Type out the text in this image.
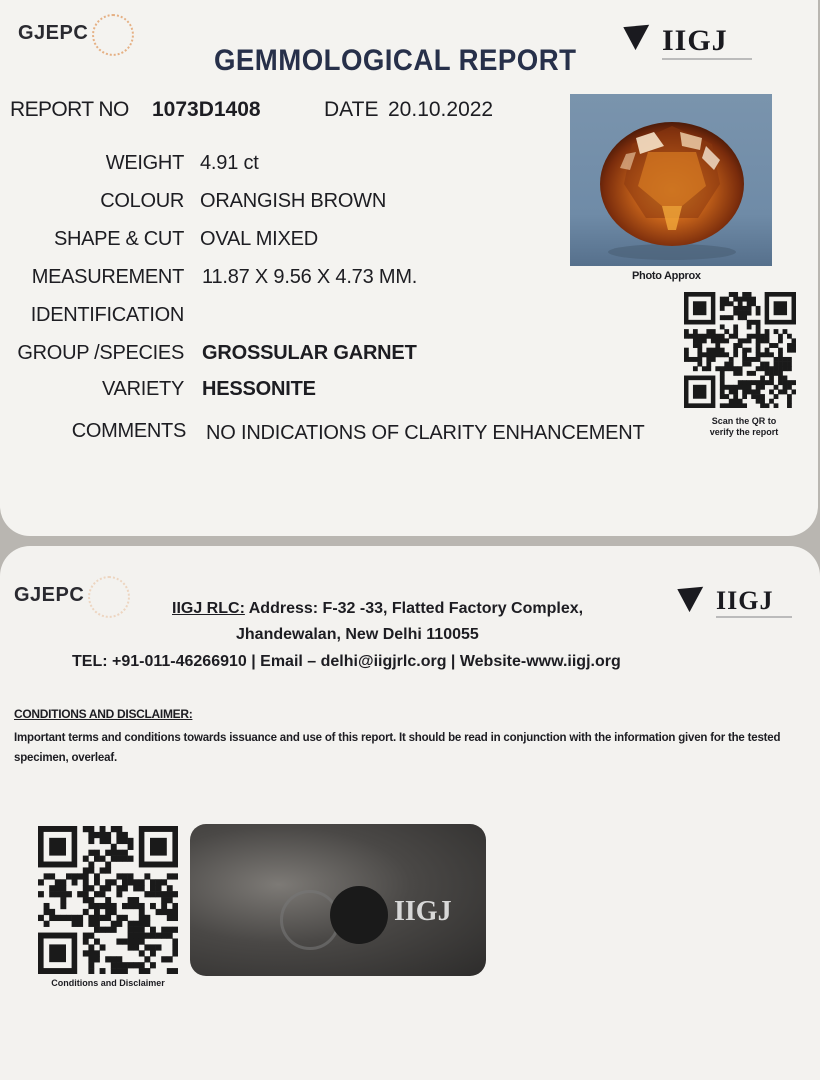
GJEPC	IIGJ
GEMMOLOGICAL REPORT
REPORT NO 1073D1408	DATE 20.10.2022
WEIGHT 4.91 ct
COLOUR ORANGISH BROWN
SHAPE & CUT OVAL MIXED
MEASUREMENT 11.87 X 9.56 X 4.73 MM.
IDENTIFICATION
GROUP /SPECIES GROSSULAR GARNET
VARIETY HESSONITE
COMMENTS NO INDICATIONS OF CLARITY ENHANCEMENT
Photo Approx
Scan the QR to
verify the report
GJEPC	IIGJ
IIGJ RLC: Address: F-32 -33, Flatted Factory Complex,
Jhandewalan, New Delhi 110055
TEL: +91-011-46266910 | Email – delhi@iigjrlc.org | Website-www.iigj.org
CONDITIONS AND DISCLAIMER:
Important terms and conditions towards issuance and use of this report. It should be read in conjunction with the information given for the tested specimen, overleaf.
Conditions and Disclaimer
IIGJ
